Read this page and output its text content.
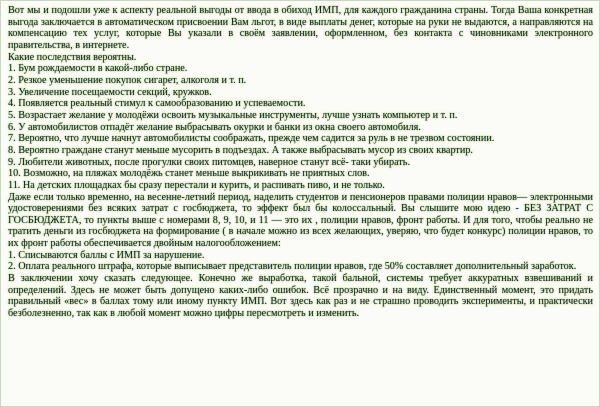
Вот мы и подошли уже к аспекту реальной выгоды от ввода в обиход ИМП, для каждого гражданина страны. Тогда Ваша конкретная выгода заключается в автоматическом присвоении Вам льгот, в виде выплаты денег, которые на руки не выдаются, а направляются на компенсацию тех услуг, которые Вы указали в своём заявлении, оформленном, без контакта с чиновниками электронного правительства, в интернете.

Какие последствия вероятны.

1. Бум рождаемости в какой-либо стране.

2. Резкое уменьшение покупок сигарет, алкоголя и т. п.

3. Увеличение посещаемости секций, кружков.

4. Появляется реальный стимул к самообразованию и успеваемости.

5. Возрастает желание у молодёжи освоить музыкальные инструменты, лучше узнать компьютер и т. п.

6. У автомобилистов отпадёт желание выбрасывать окурки и банки из окна своего автомобиля.

7. Вероятно, что лучше начнут автомобилисты соображать, прежде чем садится за руль в не трезвом состоянии.

8. Вероятно граждане станут меньше мусорить в подъездах. А также выбрасывать мусор из своих квартир.

9. Любители животных, после прогулки своих питомцев, наверное станут всё- таки убирать.

10. Возможно, на пляжах молодёжь станет меньше выкрикивать не приятных слов.

11. На детских площадках бы сразу перестали и курить, и распивать пиво, и не только.

Даже если только временно, на весенне-летний период, наделить студентов и пенсионеров правами полиции нравов— электронными удостоверениями без всяких затрат с госбюджета, то эффект был бы колоссальный. Вы слышите мою идею - БЕЗ ЗАТРАТ С ГОСБЮДЖЕТА, то пункты выше с номерами 8, 9, 10, и 11 — это их , полиции нравов, фронт работы. И для того, чтобы реально не тратить деньги из госбюджета на формирование ( в начале можно из всех желающих, уверяю, что будет конкурс) полиции нравов, то их фронт работы обеспечивается двойным налогообложением:

1. Списываются баллы с ИМП за нарушение.

2. Оплата реального штрафа, которые выписывает представитель полиции нравов, где 50% составляет дополнительный заработок.

В заключении хочу сказать следующее. Конечно же выработка, такой бальной, системы требует аккуратных взвешиваний и определений. Здесь не может быть допущено каких-либо ошибок. Всё прозрачно и на виду. Единственный момент, это придать правильный «вес» в баллах тому или иному пункту ИМП. Вот здесь как раз и не страшно проводить эксперименты, и практически безболезненно, так как в любой момент можно цифры пересмотреть и изменить.
